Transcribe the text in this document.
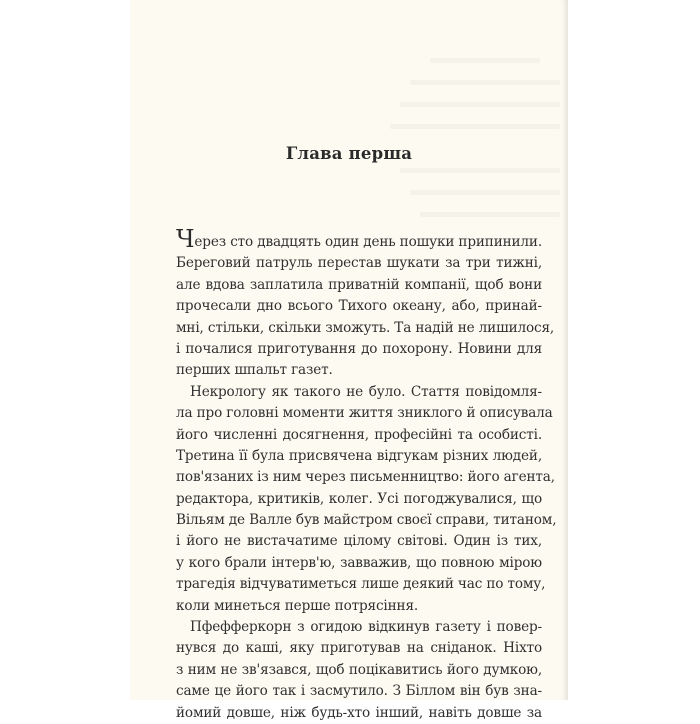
Глава перша
Через сто двадцять один день пошуки припинили.
Береговий патруль перестав шукати за три тижні,
але вдова заплатила приватній компанії, щоб вони
прочесали дно всього Тихого океану, або, принай-
мні, стільки, скільки зможуть. Та надій не лишилося,
і почалися приготування до похорону. Новини для
перших шпальт газет.
Некрологу як такого не було. Стаття повідомля-
ла про головні моменти життя зниклого й описувала
його численні досягнення, професійні та особисті.
Третина її була присвячена відгукам різних людей,
пов'язаних із ним через письменництво: його агента,
редактора, критиків, колег. Усі погоджувалися, що
Вільям де Валле був майстром своєї справи, титаном,
і його не вистачатиме цілому світові. Один із тих,
у кого брали інтерв'ю, завважив, що повною мірою
трагедія відчуватиметься лише деякий час по тому,
коли минеться перше потрясіння.
Пфефферкорн з огидою відкинув газету і повер-
нувся до каші, яку приготував на сніданок. Ніхто
з ним не зв'язався, щоб поцікавитись його думкою,
саме це його так і засмутило. З Біллом він був зна-
йомий довше, ніж будь-хто інший, навіть довше за
